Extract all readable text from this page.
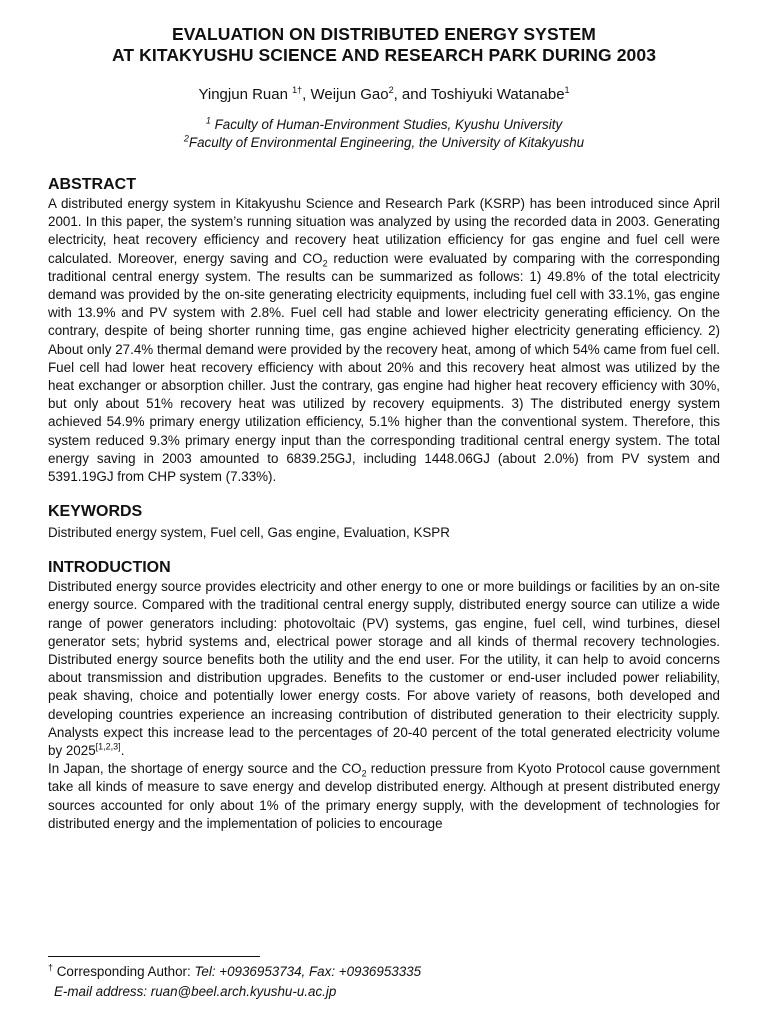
EVALUATION ON DISTRIBUTED ENERGY SYSTEM
AT KITAKYUSHU SCIENCE AND RESEARCH PARK DURING 2003
Yingjun Ruan $^{1\dagger}$, Weijun Gao$^2$, and Toshiyuki Watanabe$^1$
$^1$ Faculty of Human-Environment Studies, Kyushu University
$^2$Faculty of Environmental Engineering, the University of Kitakyushu
ABSTRACT

A distributed energy system in Kitakyushu Science and Research Park (KSRP) has been introduced since April 2001. In this paper, the system’s running situation was analyzed by using the recorded data in 2003. Generating electricity, heat recovery efficiency and recovery heat utilization efficiency for gas engine and fuel cell were calculated. Moreover, energy saving and $CO_2$ reduction were evaluated by comparing with the corresponding traditional central energy system. The results can be summarized as follows: 1) 49.8% of the total electricity demand was provided by the on-site generating electricity equipments, including fuel cell with 33.1%, gas engine with 13.9% and PV system with 2.8%. Fuel cell had stable and lower electricity generating efficiency. On the contrary, despite of being shorter running time, gas engine achieved higher electricity generating efficiency. 2) About only 27.4% thermal demand were provided by the recovery heat, among of which 54% came from fuel cell. Fuel cell had lower heat recovery efficiency with about 20% and this recovery heat almost was utilized by the heat exchanger or absorption chiller. Just the contrary, gas engine had higher heat recovery efficiency with 30%, but only about 51% recovery heat was utilized by recovery equipments. 3) The distributed energy system achieved 54.9% primary energy utilization efficiency, 5.1% higher than the conventional system. Therefore, this system reduced 9.3% primary energy input than the corresponding traditional central energy system. The total energy saving in 2003 amounted to 6839.25GJ, including 1448.06GJ (about 2.0%) from PV system and 5391.19GJ from CHP system (7.33%).

KEYWORDS
Distributed energy system, Fuel cell, Gas engine, Evaluation, KSPR
INTRODUCTION

Distributed energy source provides electricity and other energy to one or more buildings or facilities by an on-site energy source. Compared with the traditional central energy supply, distributed energy source can utilize a wide range of power generators including: photovoltaic (PV) systems, gas engine, fuel cell, wind turbines, diesel generator sets; hybrid systems and, electrical power storage and all kinds of thermal recovery technologies. Distributed energy source benefits both the utility and the end user. For the utility, it can help to avoid concerns about transmission and distribution upgrades. Benefits to the customer or end-user included power reliability, peak shaving, choice and potentially lower energy costs. For above variety of reasons, both developed and developing countries experience an increasing contribution of distributed generation to their electricity supply. Analysts expect this increase lead to the percentages of 20-40 percent of the total generated electricity volume by 2025[1,2,3].

In Japan, the shortage of energy source and the $CO_2$ reduction pressure from Kyoto Protocol cause government take all kinds of measure to save energy and develop distributed energy. Although at present distributed energy sources accounted for only about 1% of the primary energy supply, with the development of technologies for distributed energy and the implementation of policies to encourage

† Corresponding Author: Tel: +0936953734, Fax: +0936953335
E-mail address: ruan@beel.arch.kyushu-u.ac.jp
